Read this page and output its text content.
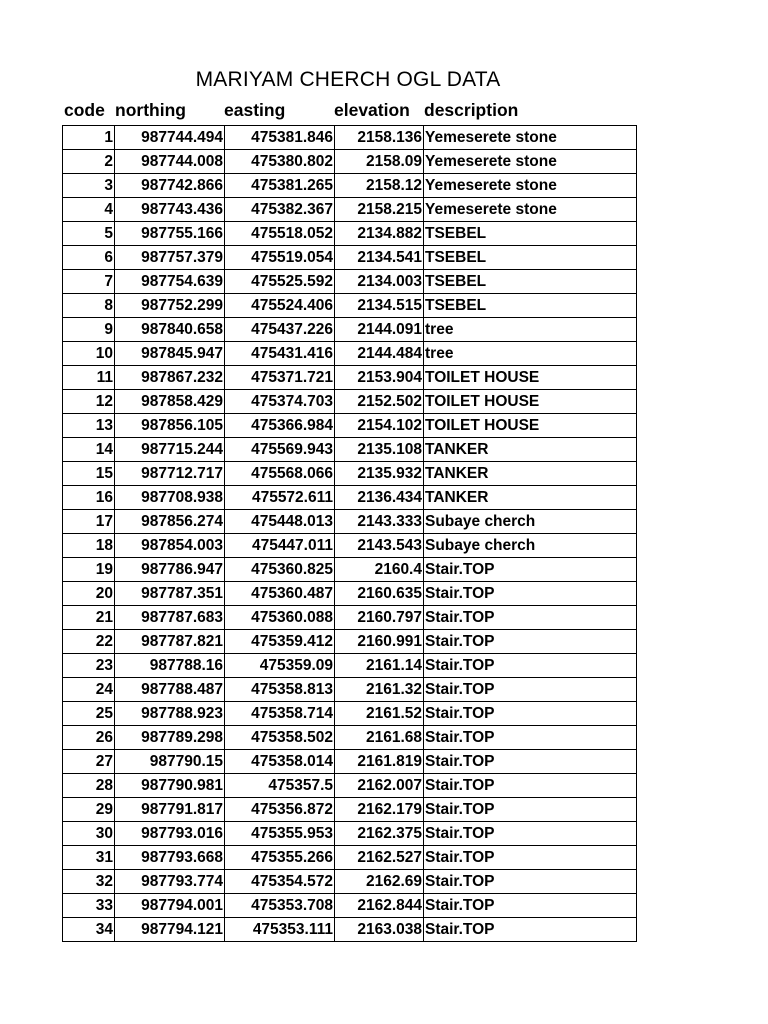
MARIYAM CHERCH OGL DATA
code northing easting	elevation description
1	987744.494	475381.846	2158.136	Yemeserete stone
2	987744.008	475380.802	2158.09	Yemeserete stone
3	987742.866	475381.265	2158.12	Yemeserete stone
4	987743.436	475382.367	2158.215	Yemeserete stone
5	987755.166	475518.052	2134.882	TSEBEL
6	987757.379	475519.054	2134.541	TSEBEL
7	987754.639	475525.592	2134.003	TSEBEL
8	987752.299	475524.406	2134.515	TSEBEL
9	987840.658	475437.226	2144.091	tree
10	987845.947	475431.416	2144.484	tree
11	987867.232	475371.721	2153.904	TOILET HOUSE
12	987858.429	475374.703	2152.502	TOILET HOUSE
13	987856.105	475366.984	2154.102	TOILET HOUSE
14	987715.244	475569.943	2135.108	TANKER
15	987712.717	475568.066	2135.932	TANKER
16	987708.938	475572.611	2136.434	TANKER
17	987856.274	475448.013	2143.333	Subaye cherch
18	987854.003	475447.011	2143.543	Subaye cherch
19	987786.947	475360.825	2160.4	Stair.TOP
20	987787.351	475360.487	2160.635	Stair.TOP
21	987787.683	475360.088	2160.797	Stair.TOP
22	987787.821	475359.412	2160.991	Stair.TOP
23	987788.16	475359.09	2161.14	Stair.TOP
24	987788.487	475358.813	2161.32	Stair.TOP
25	987788.923	475358.714	2161.52	Stair.TOP
26	987789.298	475358.502	2161.68	Stair.TOP
27	987790.15	475358.014	2161.819	Stair.TOP
28	987790.981	475357.5	2162.007	Stair.TOP
29	987791.817	475356.872	2162.179	Stair.TOP
30	987793.016	475355.953	2162.375	Stair.TOP
31	987793.668	475355.266	2162.527	Stair.TOP
32	987793.774	475354.572	2162.69	Stair.TOP
33	987794.001	475353.708	2162.844	Stair.TOP
34	987794.121	475353.111	2163.038	Stair.TOP
